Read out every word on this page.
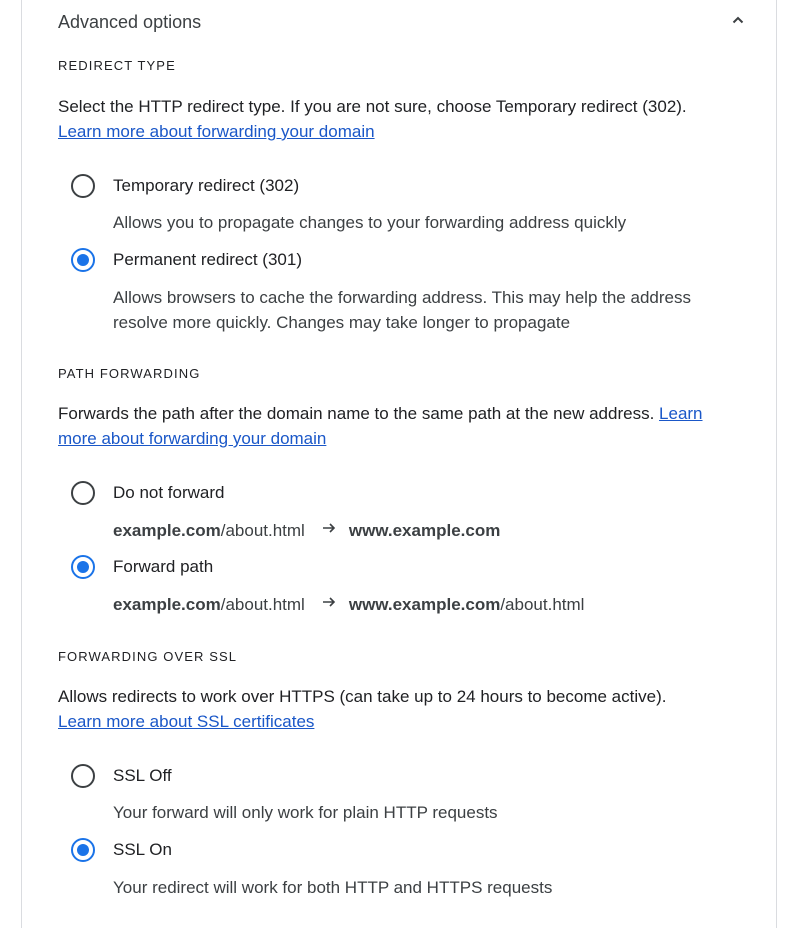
Advanced options
REDIRECT TYPE
Select the HTTP redirect type. If you are not sure, choose Temporary redirect (302).
Learn more about forwarding your domain
Temporary redirect (302)
Allows you to propagate changes to your forwarding address quickly
Permanent redirect (301)
Allows browsers to cache the forwarding address. This may help the address
resolve more quickly. Changes may take longer to propagate
PATH FORWARDING
Forwards the path after the domain name to the same path at the new address. Learn
more about forwarding your domain
Do not forward
example.com /about.html	www.example.com
Forward path
example.com /about.html	www.example.com /about.html
FORWARDING OVER SSL
Allows redirects to work over HTTPS (can take up to 24 hours to become active).
Learn more about SSL certificates
SSL Off
Your forward will only work for plain HTTP requests
SSL On
Your redirect will work for both HTTP and HTTPS requests
